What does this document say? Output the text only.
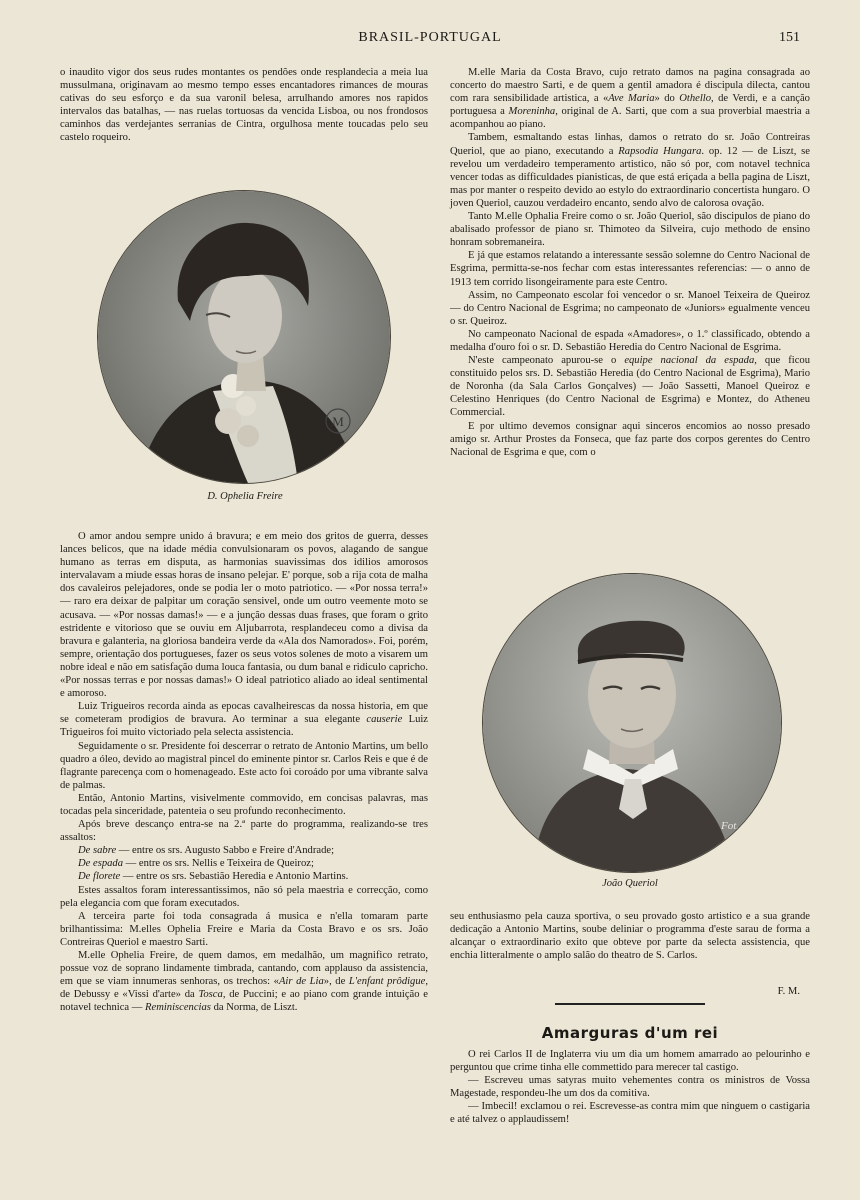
BRASIL-PORTUGAL	151

o inaudito vigor dos seus rudes montantes os pendões onde resplandecia a meia lua mussulmana, originavam ao mesmo tempo esses encantadores rimances de mouras cativas do seu esforço e da sua varonil belesa, arrulhando amores nos rapidos intervalos das batalhas, — nas ruelas tortuosas da vencida Lisboa, ou nos frondosos caminhos das verdejantes serranias de Cintra, orgulhosa mente toucadas pelo seu castelo roqueiro.

M
D. Ophelia Freire

O amor andou sempre unido á bravura; e em meio dos gritos de guerra, desses lances belicos, que na idade média convulsionaram os povos, alagando de sangue humano as terras em disputa, as harmonias suavissimas dos idilios amorosos intervalavam a miude essas horas de insano pelejar. E' porque, sob a rija cota de malha dos cavaleiros pelejadores, onde se podia ler o moto patriotico. — «Por nossa terra!» — raro era deixar de palpitar um coração sensivel, onde um outro veemente moto se acusava. — «Por nossas damas!» — e a junção dessas duas frases, que foram o grito estridente e vitorioso que se ouviu em Aljubarrota, resplandeceu como a divisa da bravura e galanteria, na gloriosa bandeira verde da «Ala dos Namorados». Foi, porém, sempre, orientação dos portugueses, fazer os seus votos solenes de moto a visarem um nobre ideal e não em satisfação duma louca fantasia, ou dum banal e ridiculo capricho. «Por nossas terras e por nossas damas!» O ideal patriotico aliado ao ideal sentimental e amoroso.

Luiz Trigueiros recorda ainda as epocas cavalheirescas da nossa historia, em que se cometeram prodigios de bravura. Ao terminar a sua elegante causerie Luiz Trigueiros foi muito victoriado pela selecta assistencia.

Seguidamente o sr. Presidente foi descerrar o retrato de Antonio Martins, um bello quadro a óleo, devido ao magistral pincel do eminente pintor sr. Carlos Reis e que é de flagrante parecença com o homenageado. Este acto foi coroádo por uma vibrante salva de palmas.

Então, Antonio Martins, visivelmente commovido, em concisas palavras, mas tocadas pela sinceridade, patenteia o seu profundo reconhecimento.

Após breve descanço entra-se na 2.ª parte do programma, realizando-se tres assaltos:

De sabre — entre os srs. Augusto Sabbo e Freire d'Andrade;

De espada — entre os srs. Nellis e Teixeira de Queiroz;

De florete — entre os srs. Sebastião Heredia e Antonio Martins.

Estes assaltos foram interessantissimos, não só pela maestria e correcção, como pela elegancia com que foram executados.

A terceira parte foi toda consagrada á musica e n'ella tomaram parte brilhantissima: M.elles Ophelia Freire e Maria da Costa Bravo e os srs. João Contreiras Queriol e maestro Sarti.

M.elle Ophelia Freire, de quem damos, em medalhão, um magnifico retrato, possue voz de soprano lindamente timbrada, cantando, com applauso da assistencia, em que se viam innumeras senhoras, os trechos: «Air de Lia», de L'enfant prôdigue, de Debussy e «Vissi d'arte» da Tosca, de Puccini; e ao piano com grande intuição e notavel technica — Reminiscencias da Norma, de Liszt.

M.elle Maria da Costa Bravo, cujo retrato damos na pagina consagrada ao concerto do maestro Sarti, e de quem a gentil amadora é discipula dilecta, cantou com rara sensibilidade artistica, a «Ave Maria» do Othello, de Verdi, e a canção portuguesa a Moreninha, original de A. Sarti, que com a sua proverbial maestria a acompanhou ao piano.

Tambem, esmaltando estas linhas, damos o retrato do sr. João Contreiras Queriol, que ao piano, executando a Rapsodia Hungara. op. 12 — de Liszt, se revelou um verdadeiro temperamento artistico, não só por, com notavel technica vencer todas as difficuldades pianisticas, de que está eriçada a bella pagina de Liszt, mas por manter o respeito devido ao estylo do extraordinario concertista hungaro. O joven Queriol, cauzou verdadeiro encanto, sendo alvo de calorosa ovação.

Tanto M.elle Ophalia Freire como o sr. João Queriol, são discipulos de piano do abalisado professor de piano sr. Thimoteo da Silveira, cujo methodo de ensino honram sobremaneira.

E já que estamos relatando a interessante sessão solemne do Centro Nacional de Esgrima, permitta-se-nos fechar com estas interessantes referencias: — o anno de 1913 tem corrido lisongeiramente para este Centro.

Assim, no Campeonato escolar foi vencedor o sr. Manoel Teixeira de Queiroz — do Centro Nacional de Esgrima; no campeonato de «Juniors» egualmente venceu o sr. Queiroz.

No campeonato Nacional de espada «Amadores», o 1.º classificado, obtendo a medalha d'ouro foi o sr. D. Sebastião Heredia do Centro Nacional de Esgrima.

N'este campeonato apurou-se o equipe nacional da espada, que ficou constituido pelos srs. D. Sebastião Heredia (do Centro Nacional de Esgrima), Mario de Noronha (da Sala Carlos Gonçalves) — João Sassetti, Manoel Queiroz e Celestino Henriques (do Centro Nacional de Esgrima) e Montez, do Atheneu Commercial.

E por ultimo devemos consignar aqui sinceros encomios ao nosso presado amigo sr. Arthur Prostes da Fonseca, que faz parte dos corpos gerentes do Centro Nacional de Esgrima e que, com o

Fot.
João Queriol

seu enthusiasmo pela cauza sportiva, o seu provado gosto artistico e a sua grande dedicação a Antonio Martins, soube deliniar o programma d'este sarau de forma a alcançar o extraordinario exito que obteve por parte da selecta assistencia, que enchia litteralmente o amplo salão do theatro de S. Carlos.

F. M.
Amarguras d'um rei

O rei Carlos II de Inglaterra viu um dia um homem amarrado ao pelourinho e perguntou que crime tinha elle commettido para merecer tal castigo.

— Escreveu umas satyras muito vehementes contra os ministros de Vossa Magestade, respondeu-lhe um dos da comitiva.

— Imbecil! exclamou o rei. Escrevesse-as contra mim que ninguem o castigaria e até talvez o applaudissem!
